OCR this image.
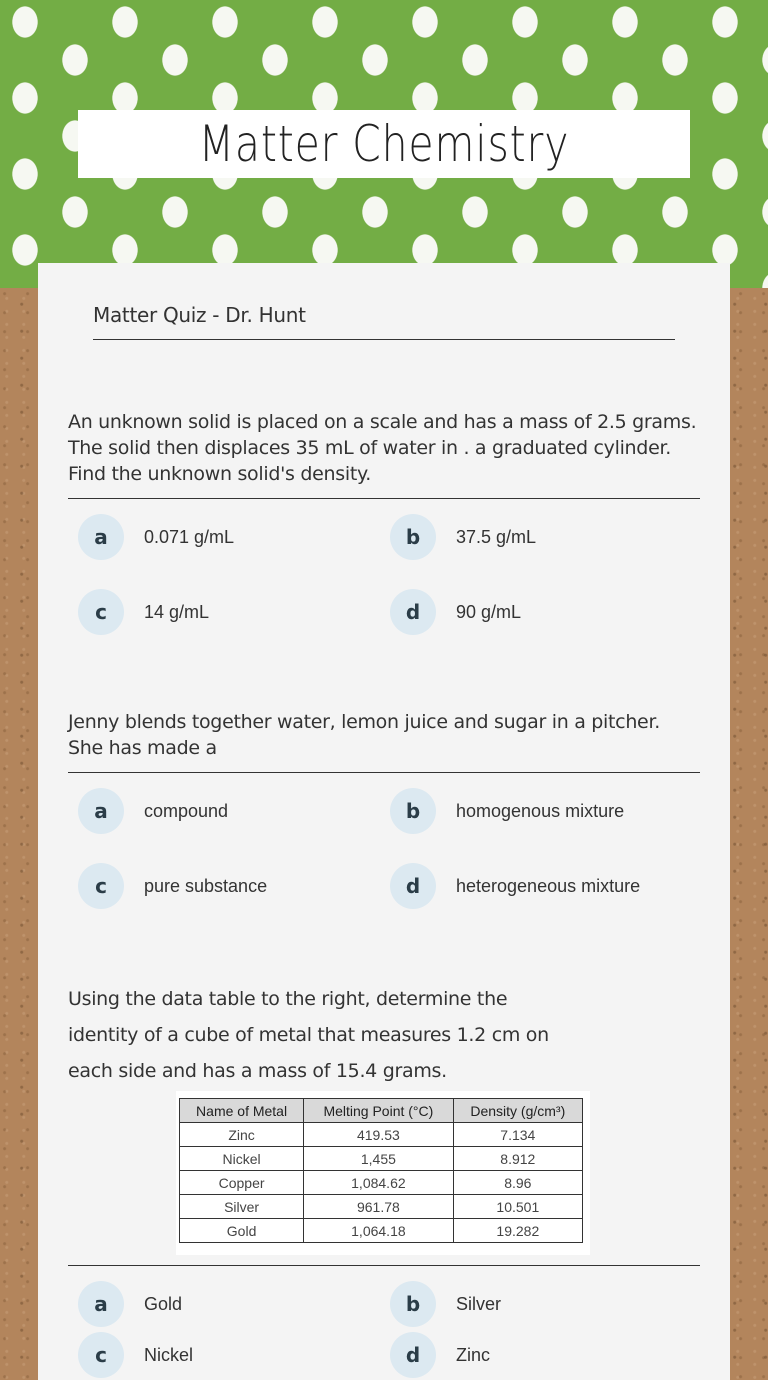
Matter Chemistry
Matter Quiz - Dr. Hunt
An unknown solid is placed on a scale and has a mass of 2.5 grams. The solid then displaces 35 mL of water in . a graduated cylinder. Find the unknown solid's density.
a	0.071 g/mL	b	37.5 g/mL
c	14 g/mL	d	90 g/mL
Jenny blends together water, lemon juice and sugar in a pitcher. She has made a
a	compound	b	homogenous mixture
c	pure substance	d	heterogeneous mixture
Using the data table to the right, determine the identity of a cube of metal that measures 1.2 cm on each side and has a mass of 15.4 grams.
Name of Metal	Melting Point (°C)	Density (g/cm³)
Zinc	419.53	7.134
Nickel	1,455	8.912
Copper	1,084.62	8.96
Silver	961.78	10.501
Gold	1,064.18	19.282
a	Gold	b	Silver
c	Nickel	d	Zinc
